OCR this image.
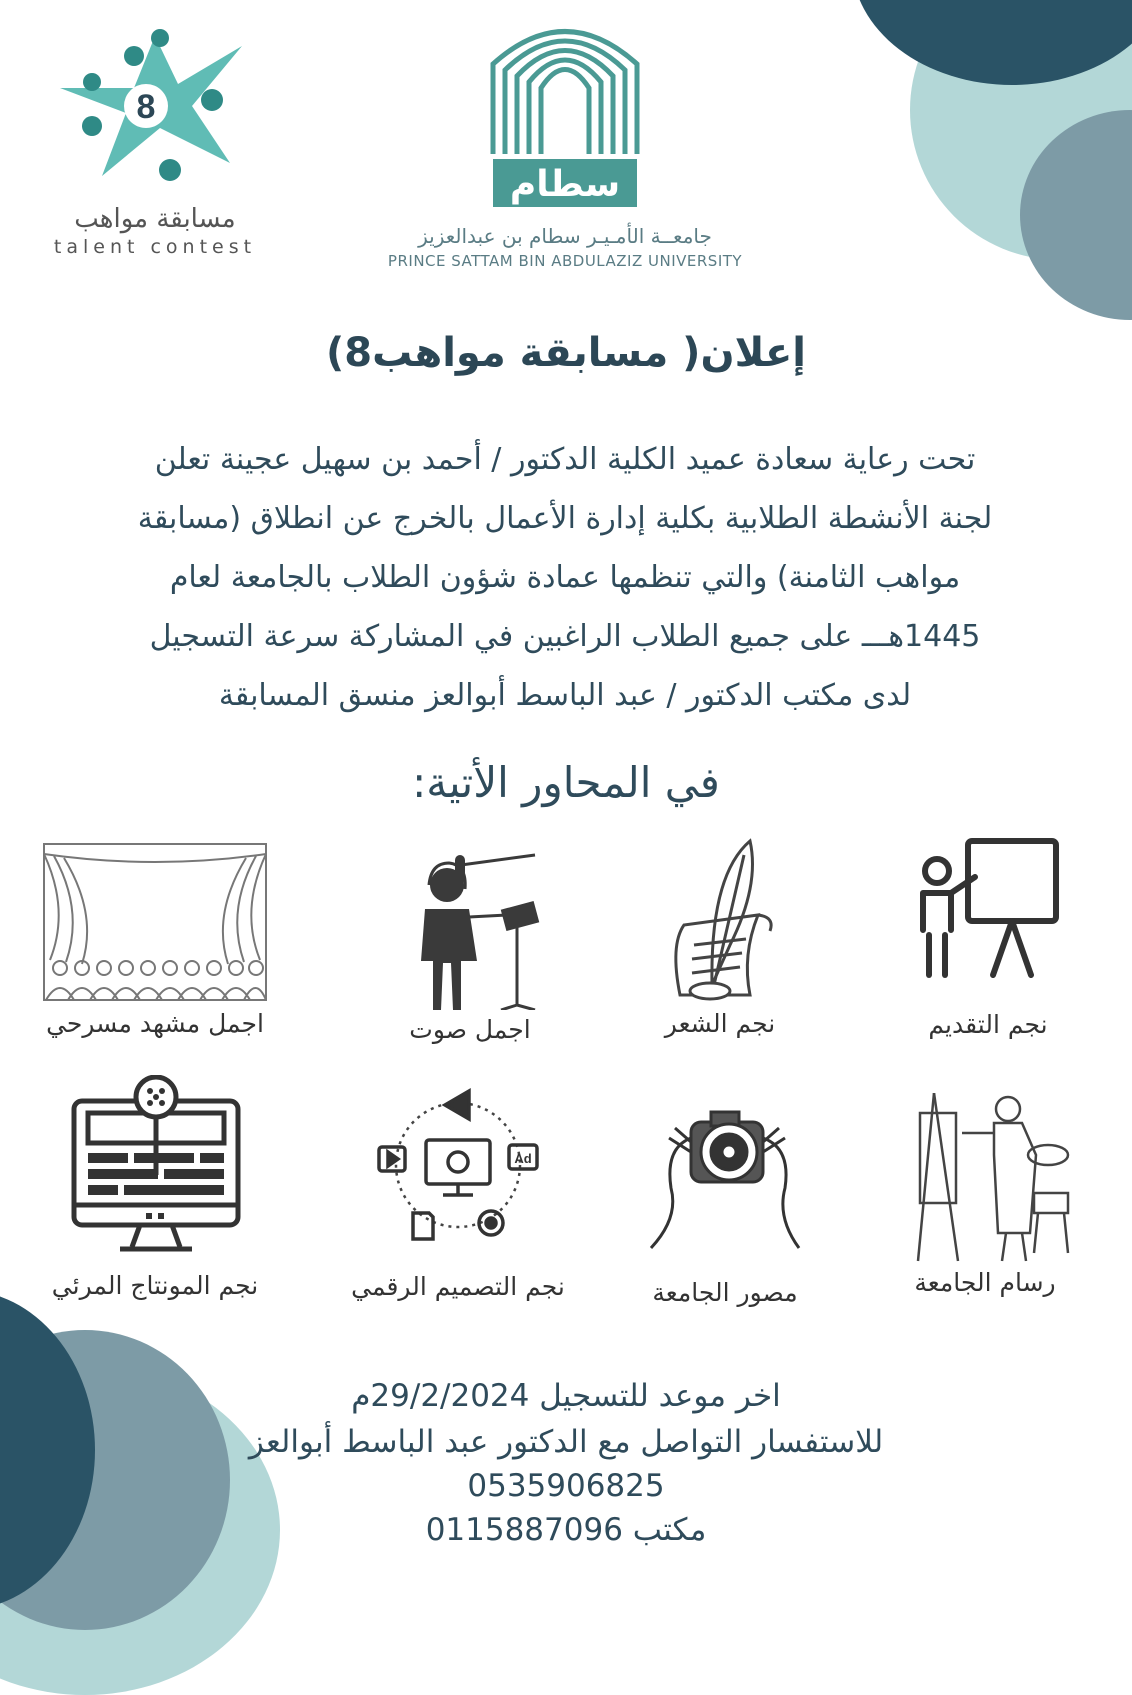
8
مسابقة مواهب
talent contest
سطام
جامعــة الأمـيـر سطام بن عبدالعزيز
PRINCE SATTAM BIN ABDULAZIZ UNIVERSITY
إعلان( مسابقة مواهب8)

تحت رعاية سعادة عميد الكلية الدكتور / أحمد بن سهيل عجينة تعلن

لجنة الأنشطة الطلابية بكلية إدارة الأعمال بالخرج عن انطلاق (مسابقة

مواهب الثامنة) والتي تنظمها عمادة شؤون الطلاب بالجامعة لعام

1445هـــ على جميع الطلاب الراغبين في المشاركة سرعة التسجيل

لدى مكتب الدكتور / عبد الباسط أبوالعز منسق المسابقة

في المحاور الأتية:
نجم التقديم
نجم الشعر
اجمل صوت
اجمل مشهد مسرحي
رسام الجامعة
مصور الجامعة
Ad
نجم التصميم الرقمي
نجم المونتاج المرئي

اخر موعد للتسجيل 29/2/2024م

للاستفسار التواصل مع الدكتور عبد الباسط أبوالعز

0535906825

مكتب 0115887096
